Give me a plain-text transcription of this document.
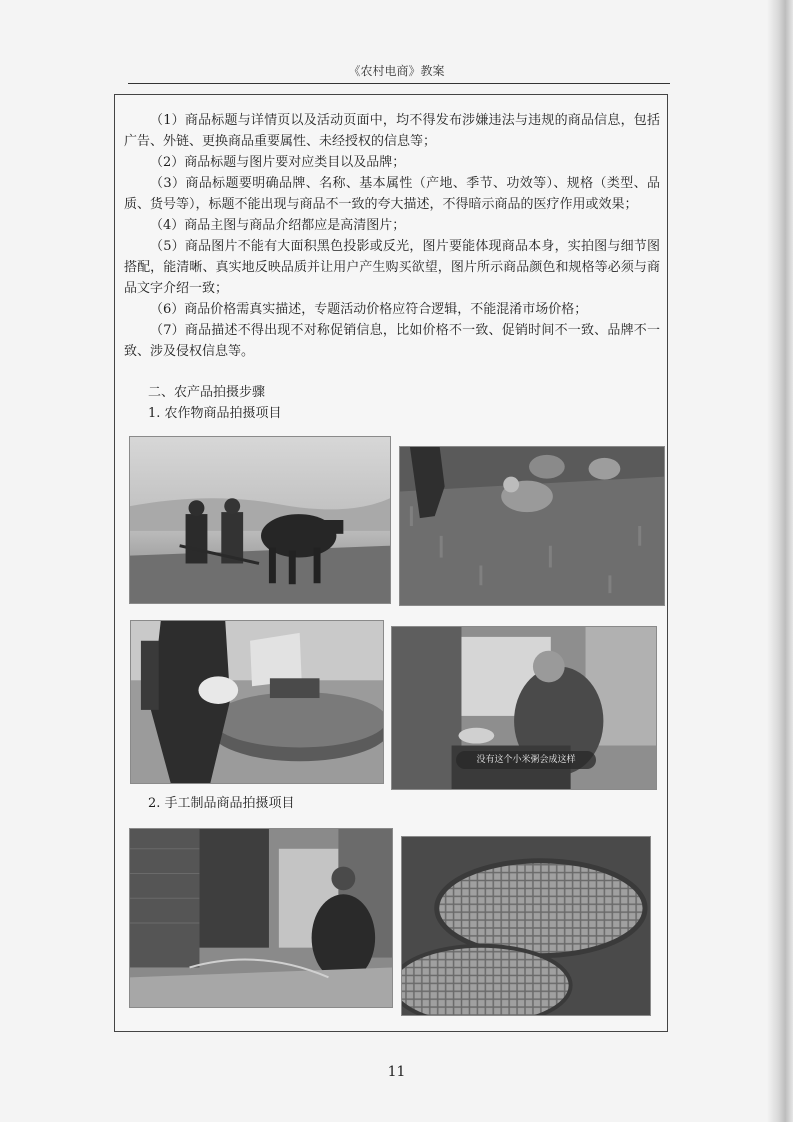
《农村电商》教案

（1）商品标题与详情页以及活动页面中，均不得发布涉嫌违法与违规的商品信息，包括广告、外链、更换商品重要属性、未经授权的信息等；

（2）商品标题与图片要对应类目以及品牌；

（3）商品标题要明确品牌、名称、基本属性（产地、季节、功效等）、规格（类型、品质、货号等），标题不能出现与商品不一致的夸大描述，不得暗示商品的医疗作用或效果；

（4）商品主图与商品介绍都应是高清图片；

（5）商品图片不能有大面积黑色投影或反光，图片要能体现商品本身，实拍图与细节图搭配，能清晰、真实地反映品质并让用户产生购买欲望，图片所示商品颜色和规格等必须与商品文字介绍一致；

（6）商品价格需真实描述，专题活动价格应符合逻辑，不能混淆市场价格；

（7）商品描述不得出现不对称促销信息，比如价格不一致、促销时间不一致、品牌不一致、涉及侵权信息等。

二、农产品拍摄步骤
1. 农作物商品拍摄项目
没有这个小米粥会成这样
2. 手工制品商品拍摄项目
11
